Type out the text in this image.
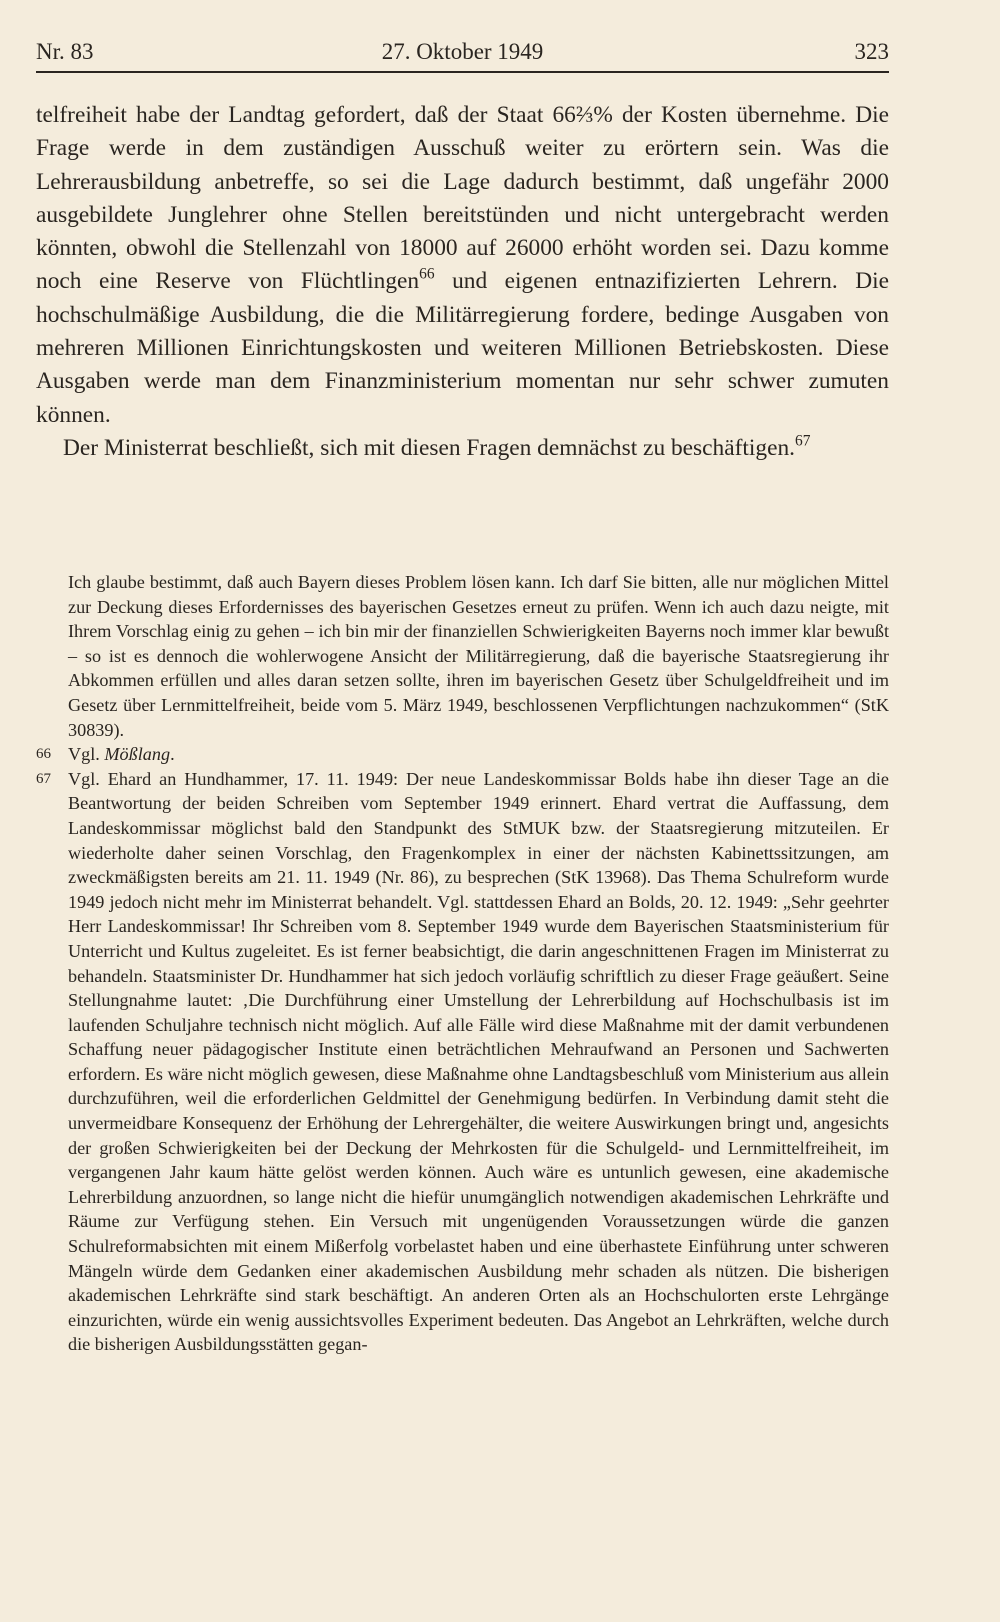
Nr. 83	27. Oktober 1949	323

telfreiheit habe der Landtag gefordert, daß der Staat 66⅔% der Kosten übernehme. Die Frage werde in dem zuständigen Ausschuß weiter zu erörtern sein. Was die Lehrerausbildung anbetreffe, so sei die Lage dadurch bestimmt, daß ungefähr 2000 ausgebildete Junglehrer ohne Stellen bereitstünden und nicht untergebracht werden könnten, obwohl die Stellenzahl von 18000 auf 26000 erhöht worden sei. Dazu komme noch eine Reserve von Flüchtlingen$^{66}$ und eigenen entnazifizierten Lehrern. Die hochschulmäßige Ausbildung, die die Militärregierung fordere, bedinge Ausgaben von mehreren Millionen Einrichtungskosten und weiteren Millionen Betriebskosten. Diese Ausgaben werde man dem Finanzministerium momentan nur sehr schwer zumuten können.

Der Ministerrat beschließt, sich mit diesen Fragen demnächst zu beschäftigen.$^{67}$

Ich glaube bestimmt, daß auch Bayern dieses Problem lösen kann. Ich darf Sie bitten, alle nur möglichen Mittel zur Deckung dieses Erfordernisses des bayerischen Gesetzes erneut zu prüfen. Wenn ich auch dazu neigte, mit Ihrem Vorschlag einig zu gehen – ich bin mir der finanziellen Schwierigkeiten Bayerns noch immer klar bewußt – so ist es dennoch die wohlerwogene Ansicht der Militärregierung, daß die bayerische Staatsregierung ihr Abkommen erfüllen und alles daran setzen sollte, ihren im bayerischen Gesetz über Schulgeldfreiheit und im Gesetz über Lernmittelfreiheit, beide vom 5. März 1949, beschlossenen Verpflichtungen nachzukommen“ (StK 30839).

66 Vgl. Mößlang.

67 Vgl. Ehard an Hundhammer, 17. 11. 1949: Der neue Landeskommissar Bolds habe ihn dieser Tage an die Beantwortung der beiden Schreiben vom September 1949 erinnert. Ehard vertrat die Auffassung, dem Landeskommissar möglichst bald den Standpunkt des StMUK bzw. der Staatsregierung mitzuteilen. Er wiederholte daher seinen Vorschlag, den Fragenkomplex in einer der nächsten Kabinettssitzungen, am zweckmäßigsten bereits am 21. 11. 1949 (Nr. 86), zu besprechen (StK 13968). Das Thema Schulreform wurde 1949 jedoch nicht mehr im Ministerrat behandelt. Vgl. stattdessen Ehard an Bolds, 20. 12. 1949: „Sehr geehrter Herr Landeskommissar! Ihr Schreiben vom 8. September 1949 wurde dem Bayerischen Staatsministerium für Unterricht und Kultus zugeleitet. Es ist ferner beabsichtigt, die darin angeschnittenen Fragen im Ministerrat zu behandeln. Staatsminister Dr. Hundhammer hat sich jedoch vorläufig schriftlich zu dieser Frage geäußert. Seine Stellungnahme lautet: ‚Die Durchführung einer Umstellung der Lehrerbildung auf Hochschulbasis ist im laufenden Schuljahre technisch nicht möglich. Auf alle Fälle wird diese Maßnahme mit der damit verbundenen Schaffung neuer pädagogischer Institute einen beträchtlichen Mehraufwand an Personen und Sachwerten erfordern. Es wäre nicht möglich gewesen, diese Maßnahme ohne Landtagsbeschluß vom Ministerium aus allein durchzuführen, weil die erforderlichen Geldmittel der Genehmigung bedürfen. In Verbindung damit steht die unvermeidbare Konsequenz der Erhöhung der Lehrergehälter, die weitere Auswirkungen bringt und, angesichts der großen Schwierigkeiten bei der Deckung der Mehrkosten für die Schulgeld- und Lernmittelfreiheit, im vergangenen Jahr kaum hätte gelöst werden können. Auch wäre es untunlich gewesen, eine akademische Lehrerbildung anzuordnen, so lange nicht die hiefür unumgänglich notwendigen akademischen Lehrkräfte und Räume zur Verfügung stehen. Ein Versuch mit ungenügenden Voraussetzungen würde die ganzen Schulreformabsichten mit einem Mißerfolg vorbelastet haben und eine überhastete Einführung unter schweren Mängeln würde dem Gedanken einer akademischen Ausbildung mehr schaden als nützen. Die bisherigen akademischen Lehrkräfte sind stark beschäftigt. An anderen Orten als an Hochschulorten erste Lehrgänge einzurichten, würde ein wenig aussichtsvolles Experiment bedeuten. Das Angebot an Lehrkräften, welche durch die bisherigen Ausbildungsstätten gegan-
